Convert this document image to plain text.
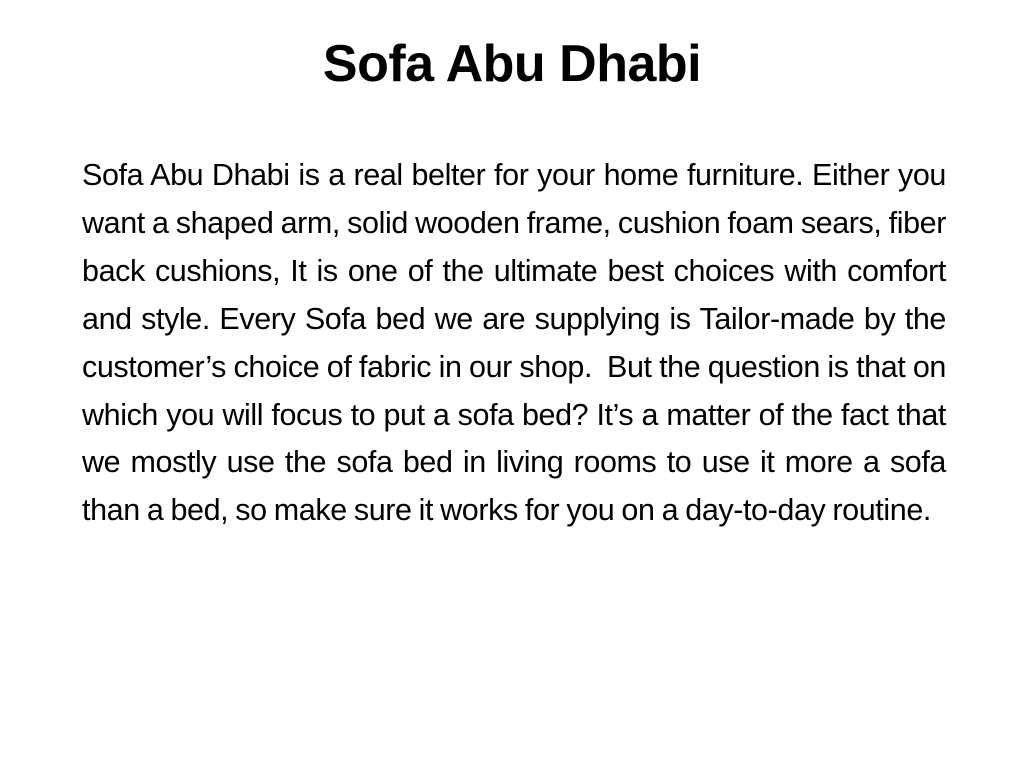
Sofa Abu Dhabi

Sofa Abu Dhabi is a real belter for your home furniture. Either you want a shaped arm, solid wooden frame, cushion foam sears, fiber back cushions, It is one of the ultimate best choices with comfort and style. Every Sofa bed we are supplying is Tailor-made by the customer’s choice of fabric in our shop.  But the question is that on which you will focus to put a sofa bed? It’s a matter of the fact that we mostly use the sofa bed in living rooms to use it more a sofa than a bed, so make sure it works for you on a day-to-day routine.
